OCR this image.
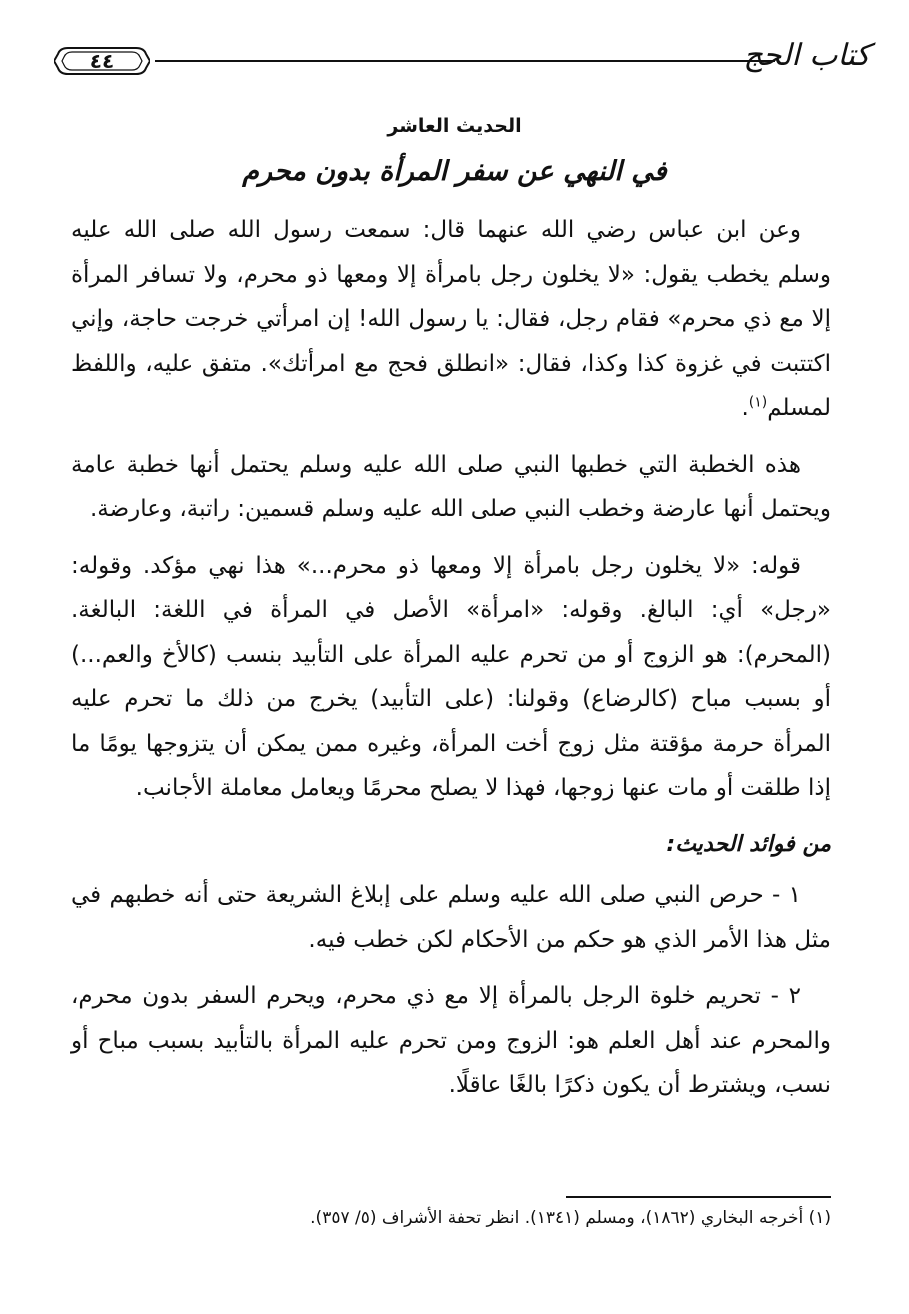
كتاب الحج
٤٤
الحديث العاشر
في النهي عن سفر المرأة بدون محرم

وعن ابن عباس رضي الله عنهما قال: سمعت رسول الله صلى الله عليه وسلم يخطب يقول: «لا يخلون رجل بامرأة إلا ومعها ذو محرم، ولا تسافر المرأة إلا مع ذي محرم» فقام رجل، فقال: يا رسول الله! إن امرأتي خرجت حاجة، وإني اكتتبت في غزوة كذا وكذا، فقال: «انطلق فحج مع امرأتك». متفق عليه، واللفظ لمسلم$^{(١)}$.

هذه الخطبة التي خطبها النبي صلى الله عليه وسلم يحتمل أنها خطبة عامة ويحتمل أنها عارضة وخطب النبي صلى الله عليه وسلم قسمين: راتبة، وعارضة.

قوله: «لا يخلون رجل بامرأة إلا ومعها ذو محرم...» هذا نهي مؤكد. وقوله: «رجل» أي: البالغ. وقوله: «امرأة» الأصل في المرأة في اللغة: البالغة. (المحرم): هو الزوج أو من تحرم عليه المرأة على التأبيد بنسب (كالأخ والعم...) أو بسبب مباح (كالرضاع) وقولنا: (على التأبيد) يخرج من ذلك ما تحرم عليه المرأة حرمة مؤقتة مثل زوج أخت المرأة، وغيره ممن يمكن أن يتزوجها يومًا ما إذا طلقت أو مات عنها زوجها، فهذا لا يصلح محرمًا ويعامل معاملة الأجانب.

من فوائد الحديث:

١ - حرص النبي صلى الله عليه وسلم على إبلاغ الشريعة حتى أنه خطبهم في مثل هذا الأمر الذي هو حكم من الأحكام لكن خطب فيه.

٢ - تحريم خلوة الرجل بالمرأة إلا مع ذي محرم، ويحرم السفر بدون محرم، والمحرم عند أهل العلم هو: الزوج ومن تحرم عليه المرأة بالتأبيد بسبب مباح أو نسب، ويشترط أن يكون ذكرًا بالغًا عاقلًا.

(١) أخرجه البخاري (١٨٦٢)، ومسلم (١٣٤١). انظر تحفة الأشراف (٥/ ٣٥٧).
